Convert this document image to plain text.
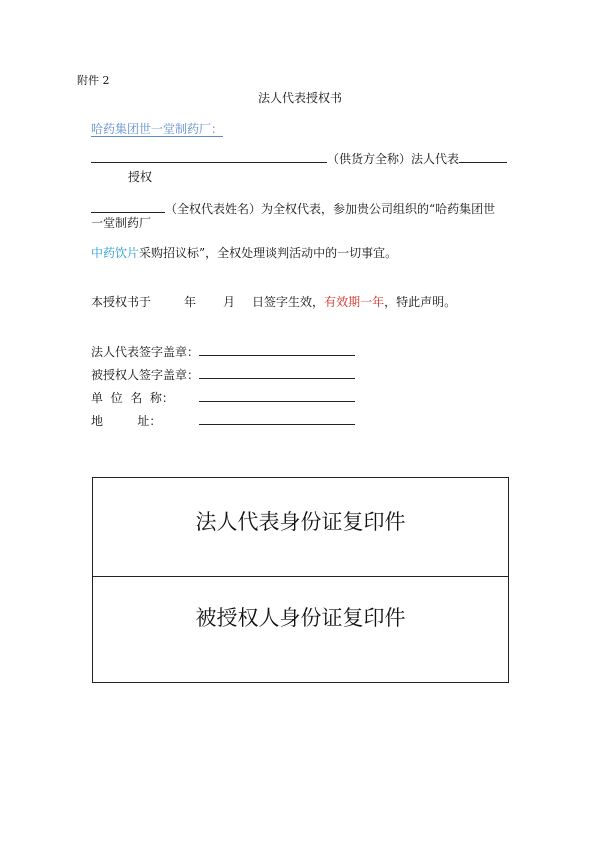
附件 2
法人代表授权书
哈药集团世一堂制药厂：
（供货方全称）法人代表
授权
（全权代表姓名）为全权代表，参加贵公司组织的“哈药集团世
一堂制药厂
中药饮片采购招议标”，全权处理谈判活动中的一切事宜。
本授权书于	年 月 日签字生效，有效期一年，特此声明。
法人代表签字盖章：
被授权人签字盖章：
单  位  名  称：
地         址：
法人代表身份证复印件
被授权人身份证复印件
